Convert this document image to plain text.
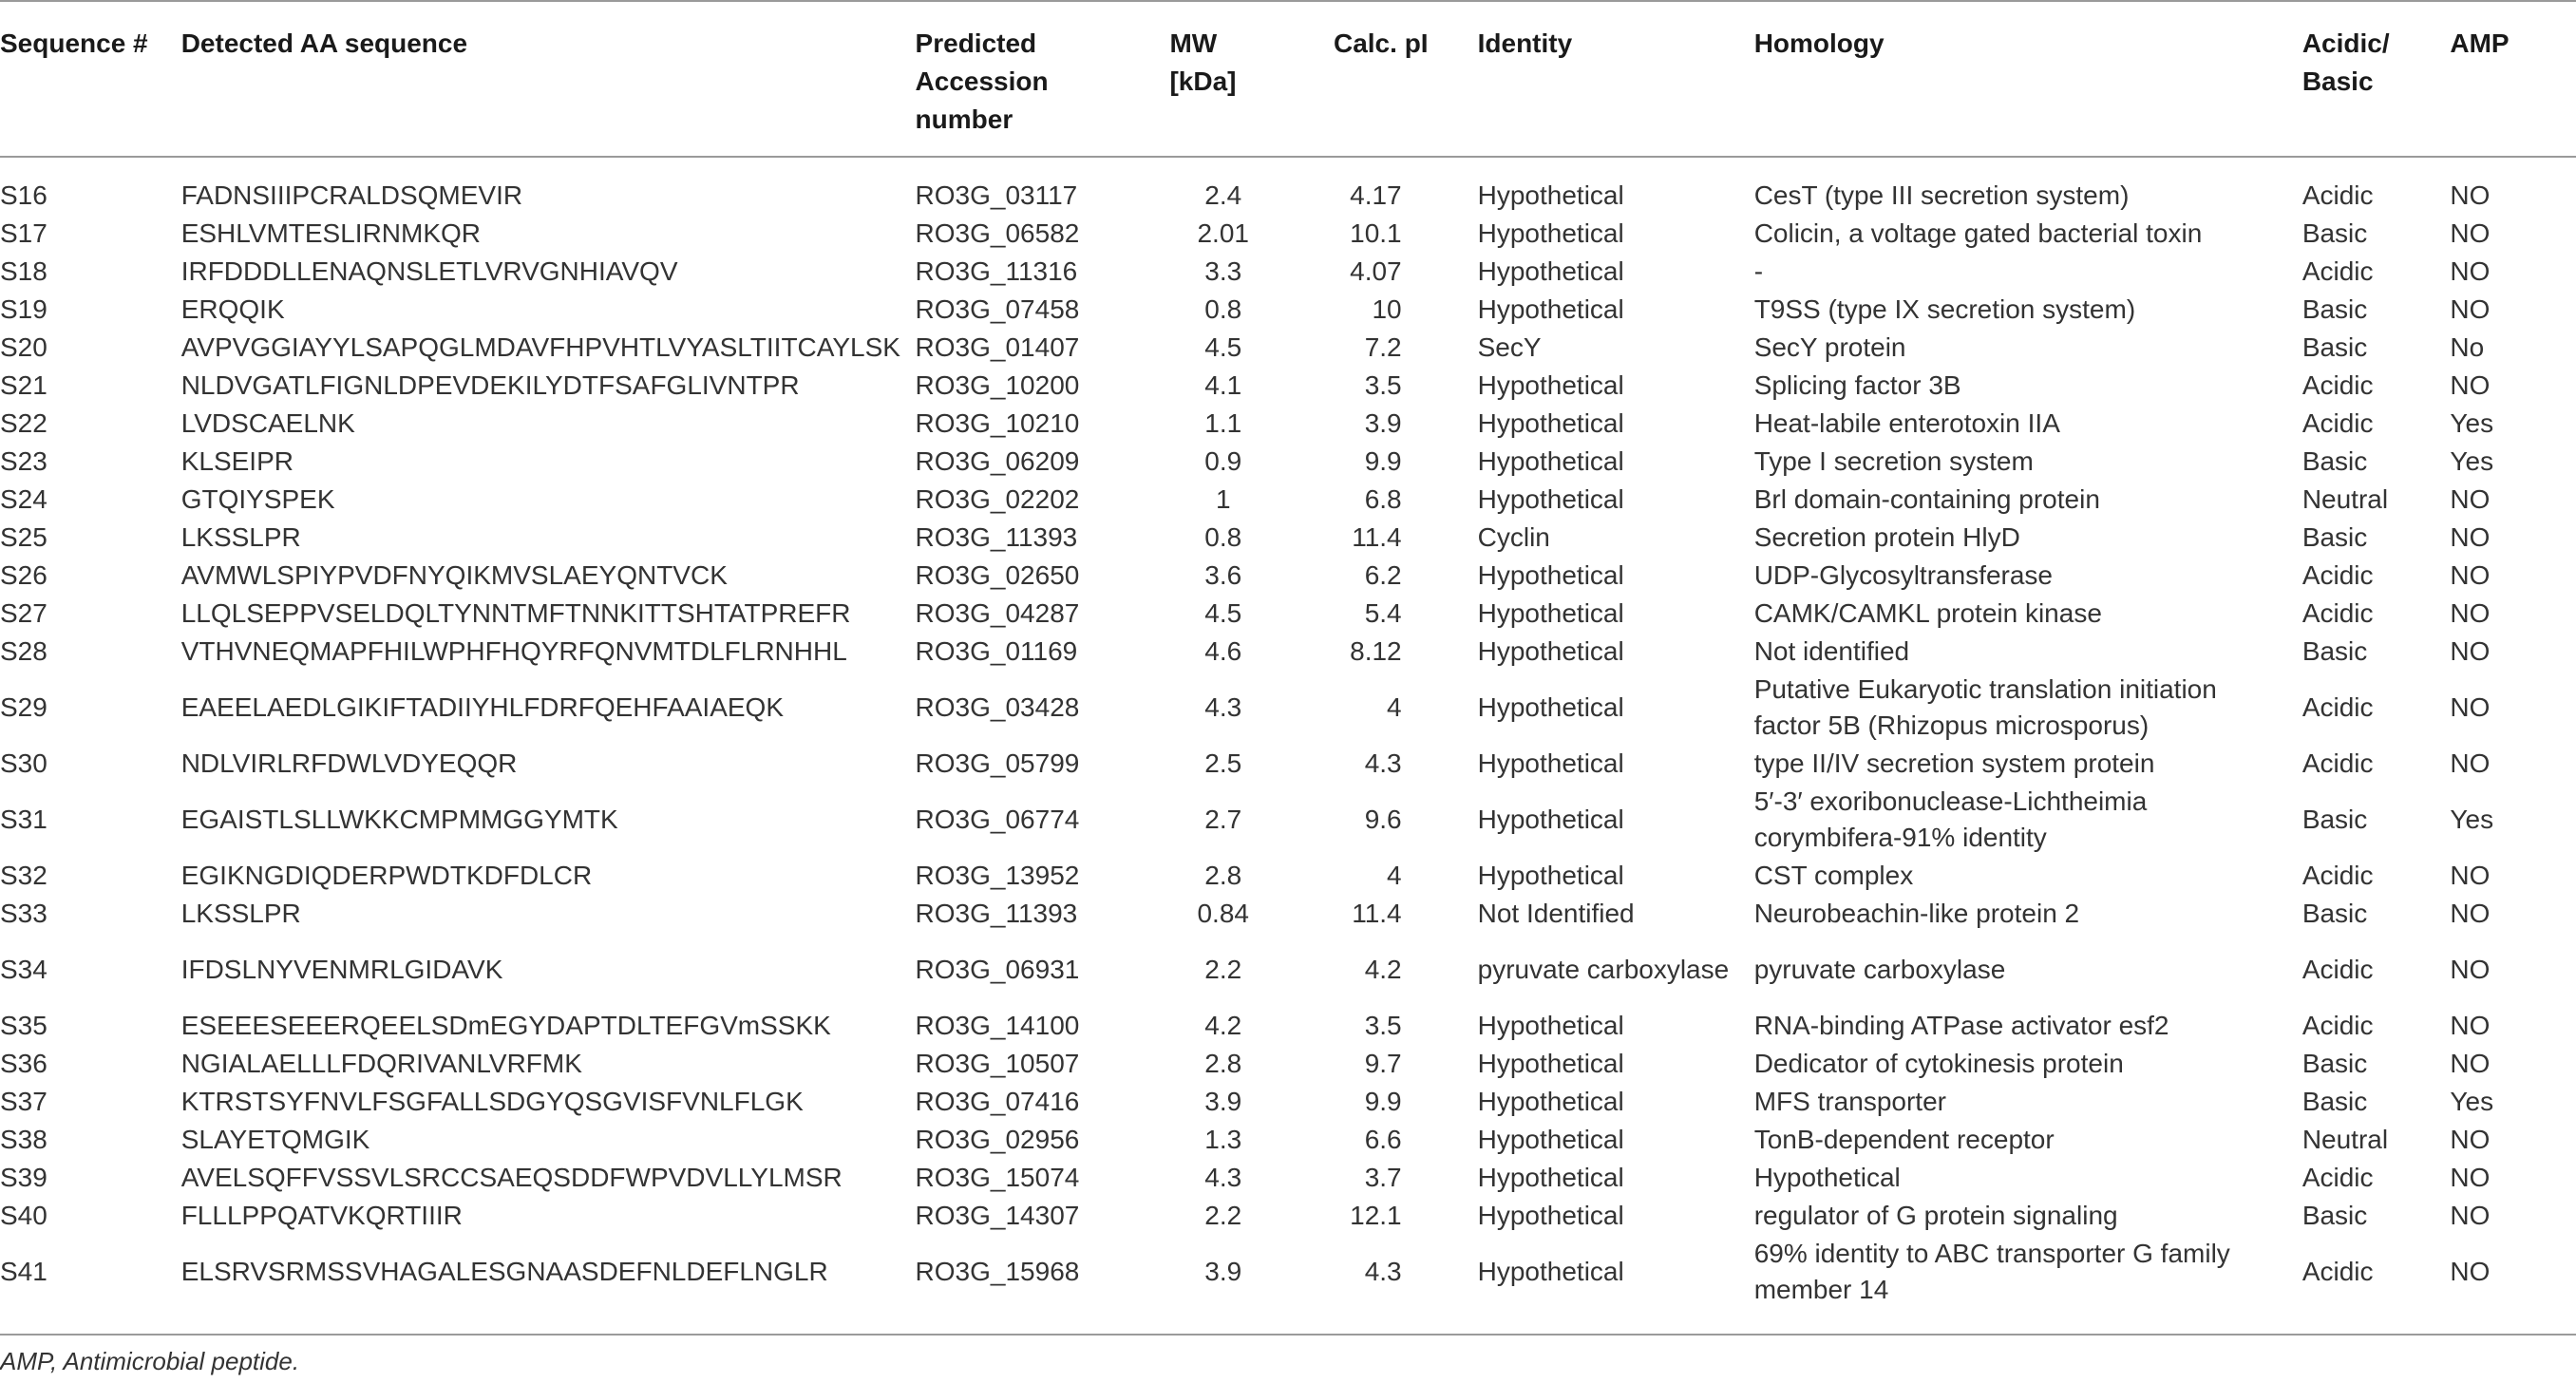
Sequence #	Detected AA sequence	Predicted Accession number	MW [kDa]	Calc. pI	Identity	Homology	Acidic/ Basic	AMP
S16	FADNSIIIPCRALDSQMEVIR	RO3G_03117	2.4	4.17	Hypothetical	CesT (type III secretion system)	Acidic	NO
S17	ESHLVMTESLIRNMKQR	RO3G_06582	2.01	10.1	Hypothetical	Colicin, a voltage gated bacterial toxin	Basic	NO
S18	IRFDDDLLENAQNSLETLVRVGNHIAVQV	RO3G_11316	3.3	4.07	Hypothetical	-	Acidic	NO
S19	ERQQIK	RO3G_07458	0.8	10	Hypothetical	T9SS (type IX secretion system)	Basic	NO
S20	AVPVGGIAYYLSAPQGLMDAVFHPVHTLVYASLTIITCAYLSK	RO3G_01407	4.5	7.2	SecY	SecY protein	Basic	No
S21	NLDVGATLFIGNLDPEVDEKILYDTFSAFGLIVNTPR	RO3G_10200	4.1	3.5	Hypothetical	Splicing factor 3B	Acidic	NO
S22	LVDSCAELNK	RO3G_10210	1.1	3.9	Hypothetical	Heat-labile enterotoxin IIA	Acidic	Yes
S23	KLSEIPR	RO3G_06209	0.9	9.9	Hypothetical	Type I secretion system	Basic	Yes
S24	GTQIYSPEK	RO3G_02202	1	6.8	Hypothetical	Brl domain-containing protein	Neutral	NO
S25	LKSSLPR	RO3G_11393	0.8	11.4	Cyclin	Secretion protein HlyD	Basic	NO
S26	AVMWLSPIYPVDFNYQIKMVSLAEYQNTVCK	RO3G_02650	3.6	6.2	Hypothetical	UDP-Glycosyltransferase	Acidic	NO
S27	LLQLSEPPVSELDQLTYNNTMFTNNKITTSHTATPREFR	RO3G_04287	4.5	5.4	Hypothetical	CAMK/CAMKL protein kinase	Acidic	NO
S28	VTHVNEQMAPFHILWPHFHQYRFQNVMTDLFLRNHHL	RO3G_01169	4.6	8.12	Hypothetical	Not identified	Basic	NO
S29	EAEELAEDLGIKIFTADIIYHLFDRFQEHFAAIAEQK	RO3G_03428	4.3	4	Hypothetical	Putative Eukaryotic translation initiation factor 5B (Rhizopus microsporus)	Acidic	NO
S30	NDLVIRLRFDWLVDYEQQR	RO3G_05799	2.5	4.3	Hypothetical	type II/IV secretion system protein	Acidic	NO
S31	EGAISTLSLLWKKCMPMMGGYMTK	RO3G_06774	2.7	9.6	Hypothetical	5′-3′ exoribonuclease-Lichtheimia corymbifera-91% identity	Basic	Yes
S32	EGIKNGDIQDERPWDTKDFDLCR	RO3G_13952	2.8	4	Hypothetical	CST complex	Acidic	NO
S33	LKSSLPR	RO3G_11393	0.84	11.4	Not Identified	Neurobeachin-like protein 2	Basic	NO
S34	IFDSLNYVENMRLGIDAVK	RO3G_06931	2.2	4.2	pyruvate carboxylase	pyruvate carboxylase	Acidic	NO
S35	ESEEESEEERQEELSDmEGYDAPTDLTEFGVmSSKK	RO3G_14100	4.2	3.5	Hypothetical	RNA-binding ATPase activator esf2	Acidic	NO
S36	NGIALAELLLFDQRIVANLVRFMK	RO3G_10507	2.8	9.7	Hypothetical	Dedicator of cytokinesis protein	Basic	NO
S37	KTRSTSYFNVLFSGFALLSDGYQSGVISFVNLFLGK	RO3G_07416	3.9	9.9	Hypothetical	MFS transporter	Basic	Yes
S38	SLAYETQMGIK	RO3G_02956	1.3	6.6	Hypothetical	TonB-dependent receptor	Neutral	NO
S39	AVELSQFFVSSVLSRCCSAEQSDDFWPVDVLLYLMSR	RO3G_15074	4.3	3.7	Hypothetical	Hypothetical	Acidic	NO
S40	FLLLPPQATVKQRTIIIR	RO3G_14307	2.2	12.1	Hypothetical	regulator of G protein signaling	Basic	NO
S41	ELSRVSRMSSVHAGALESGNAASDEFNLDEFLNGLR	RO3G_15968	3.9	4.3	Hypothetical	69% identity to ABC transporter G family member 14	Acidic	NO
AMP, Antimicrobial peptide.
